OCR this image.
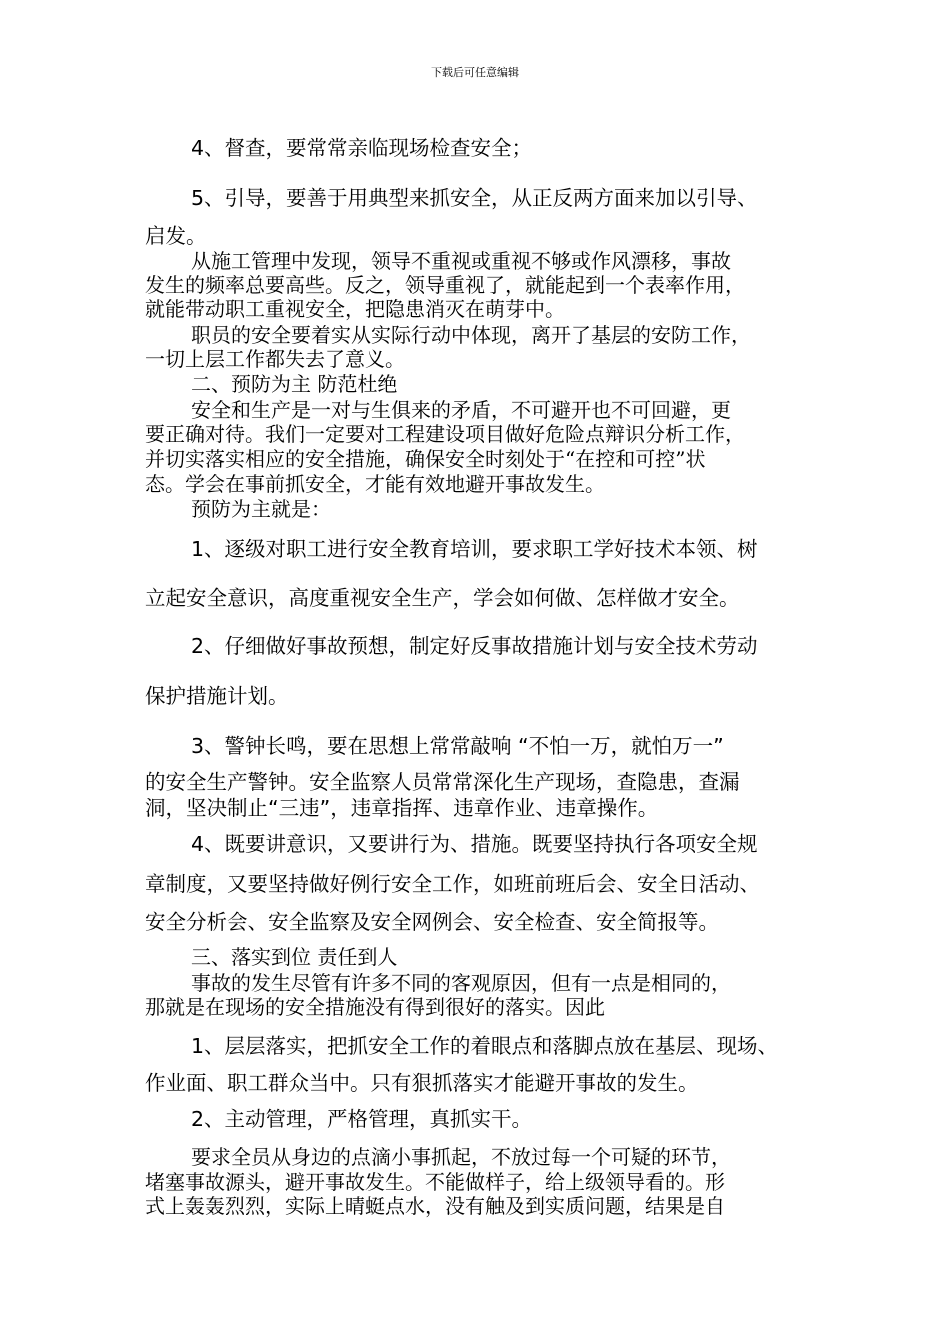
下载后可任意编辑

4、督查，要常常亲临现场检查安全；

5、引导，要善于用典型来抓安全，从正反两方面来加以引导、

启发。

从施工管理中发现，领导不重视或重视不够或作风漂移，事故

发生的频率总要高些。反之，领导重视了，就能起到一个表率作用，

就能带动职工重视安全，把隐患消灭在萌芽中。

职员的安全要着实从实际行动中体现，离开了基层的安防工作，

一切上层工作都失去了意义。

二、预防为主 防范杜绝

安全和生产是一对与生俱来的矛盾，不可避开也不可回避，更

要正确对待。我们一定要对工程建设项目做好危险点辩识分析工作，

并切实落实相应的安全措施，确保安全时刻处于“在控和可控”状

态。学会在事前抓安全，才能有效地避开事故发生。

预防为主就是：

1、逐级对职工进行安全教育培训，要求职工学好技术本领、树

立起安全意识，高度重视安全生产，学会如何做、怎样做才安全。

2、仔细做好事故预想，制定好反事故措施计划与安全技术劳动

保护措施计划。

3、警钟长鸣，要在思想上常常敲响 “不怕一万，就怕万一”

的安全生产警钟。安全监察人员常常深化生产现场，查隐患，查漏

洞，坚决制止“三违”，违章指挥、违章作业、违章操作。

4、既要讲意识，又要讲行为、措施。既要坚持执行各项安全规

章制度，又要坚持做好例行安全工作，如班前班后会、安全日活动、

安全分析会、安全监察及安全网例会、安全检查、安全简报等。

三、落实到位 责任到人

事故的发生尽管有许多不同的客观原因，但有一点是相同的，

那就是在现场的安全措施没有得到很好的落实。因此

1、层层落实，把抓安全工作的着眼点和落脚点放在基层、现场、

作业面、职工群众当中。只有狠抓落实才能避开事故的发生。

2、主动管理，严格管理，真抓实干。

要求全员从身边的点滴小事抓起，不放过每一个可疑的环节，

堵塞事故源头，避开事故发生。不能做样子，给上级领导看的。形

式上轰轰烈烈，实际上晴蜓点水，没有触及到实质问题，结果是自
